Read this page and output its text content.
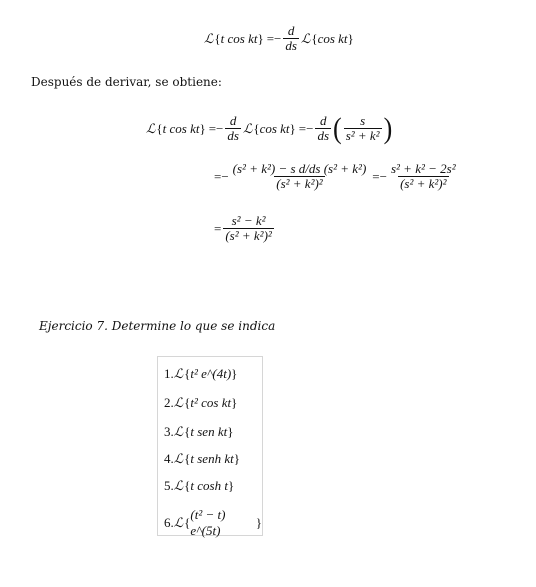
ℒ { t cos kt } =− $\frac{d}{ds}$ ℒ { cos kt }
Después de derivar, se obtiene:
ℒ { t cos kt } =− $\frac{d}{ds}$ ℒ { cos kt } =− $\frac{d}{ds}$ ( $\frac{s}{\text{s² + k²}}$ )
=− $\frac{\text{(s² + k²) − s d/ds (s² + k²)}}{\text{(s² + k²)²}} =- \frac{\text{s² + k² − 2s²}}{\text{(s² + k²)²}}$
= $\frac{\text{s² − k²}}{\text{(s² + k²)²}}$
Ejercicio 7. Determine lo que se indica
1. ℒ { t² e^(4t) }
2. ℒ { t² cos kt }
3. ℒ { t sen kt }
4. ℒ { t senh kt }
5. ℒ { t cosh t }
6. ℒ {
(t² − t) e^(5t)
}
